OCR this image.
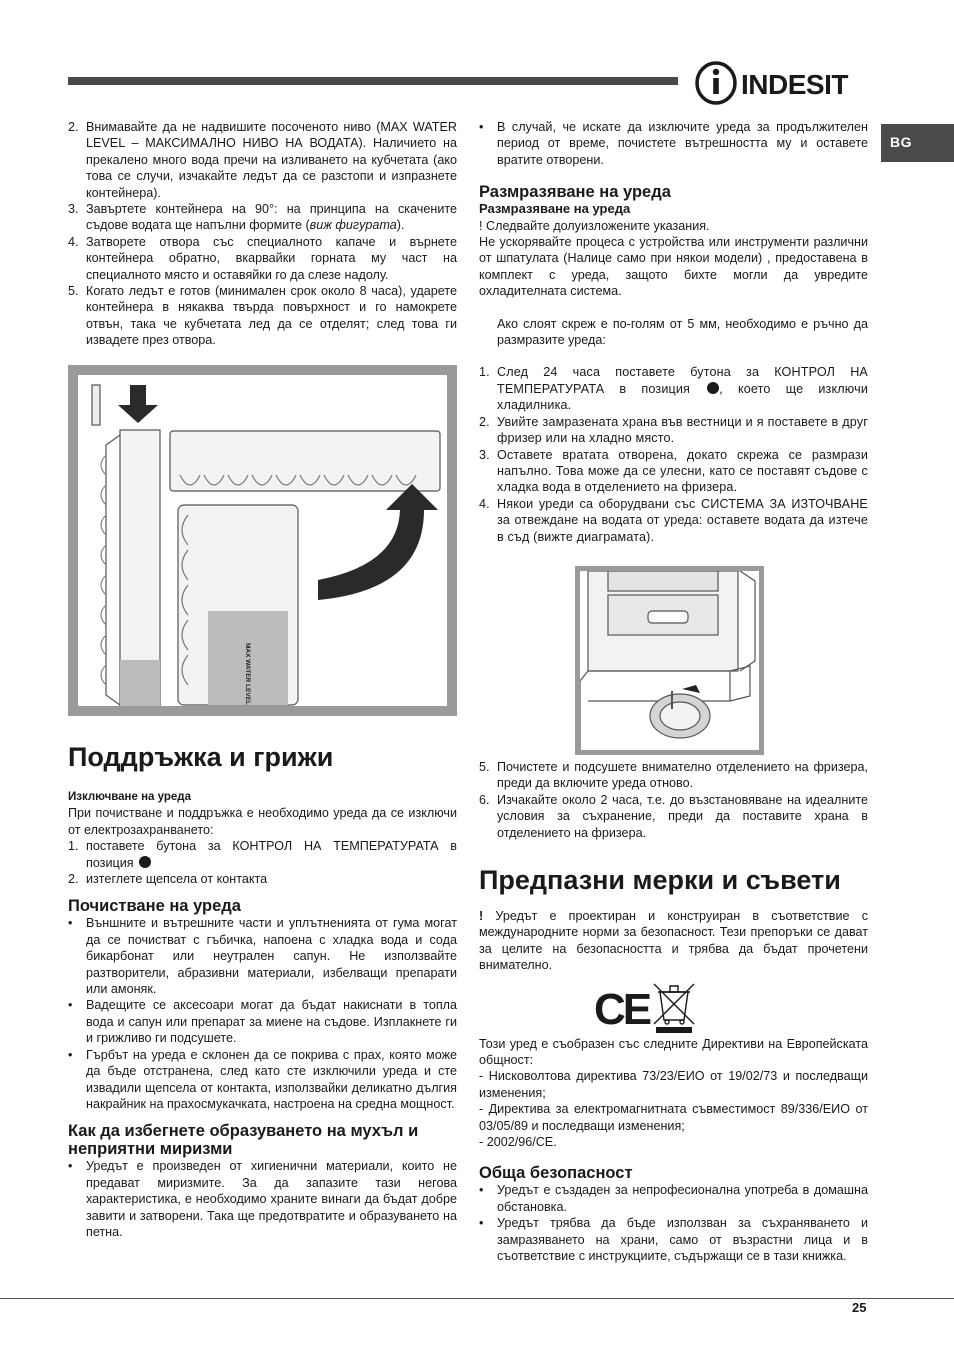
INDESIT
BG
2. Внимавайте да не надвишите посоченото ниво (MAX WATER LEVEL – МАКСИМАЛНО НИВО НА ВОДАТА). Наличието на прекалено много вода пречи на изливането на кубчетата (ако това се случи, изчакайте ледът да се разстопи и изпразнете контейнера).
3. Завъртете контейнера на 90°: на принципа на скачените съдове водата ще напълни формите (виж фигурата).
4. Затворете отвора със специалното капаче и върнете контейнера обратно, вкарвайки горната му част на специалното място и оставяйки го да слезе надолу.
5. Когато ледът е готов (минимален срок около 8 часа), ударете контейнера в някаква твърда повърхност и го намокрете отвън, така че кубчетата лед да се отделят; след това ги извадете през отвора.
MAX WATER LEVEL
Поддръжка и грижи
Изключване на уреда

При почистване и поддръжка е необходимо уреда да се изключи от електрозахранването:

1. поставете бутона за КОНТРОЛ НА ТЕМПЕРАТУРАТА в позиция
2. изтеглете щепсела от контакта
Почистване на уреда
• Външните и вътрешните части и уплътненията от гума могат да се почистват с гъбичка, напоена с хладка вода и сода бикарбонат или неутрален сапун. Не използвайте разтворители, абразивни материали, избелващи препарати или амоняк.
• Вадещите се аксесоари могат да бъдат накиснати в топла вода и сапун или препарат за миене на съдове. Изплакнете ги и грижливо ги подсушете.
• Гърбът на уреда е склонен да се покрива с прах, която може да бъде отстранена, след като сте изключили уреда и сте извадили щепсела от контакта, използвайки деликатно дългия накрайник на прахосмукачката, настроена на средна мощност.
Как да избегнете образуването на мухъл и неприятни миризми
• Уредът е произведен от хигиенични материали, които не предават миризмите. За да запазите тази негова характеристика, е необходимо храните винаги да бъдат добре завити и затворени. Така ще предотвратите и образуването на петна.
• В случай, че искате да изключите уреда за продължителен период от време, почистете вътрешността му и оставете вратите отворени.
Размразяване на уреда
Размразяване на уреда

! Следвайте долуизложените указания.

Не ускорявайте процеса с устройства или инструменти различни от шпатулата (Налице само при някои модели) , предоставена в комплект с уреда, защото бихте могли да увредите охладителната система.

Ако слоят скреж е по-голям от 5 мм, необходимо е ръчно да размразите уреда:

1. След 24 часа поставете бутона за КОНТРОЛ НА ТЕМПЕРАТУРАТА в позиция , което ще изключи хладилника.
2. Увийте замразената храна във вестници и я поставете в друг фризер или на хладно място.
3. Оставете вратата отворена, докато скрежа се размрази напълно. Това може да се улесни, като се поставят съдове с хладка вода в отделението на фризера.
4. Някои уреди са оборудвани със СИСТЕМА ЗА ИЗТОЧВАНЕ за отвеждане на водата от уреда: оставете водата да изтече в съд (вижте диаграмата).
5. Почистете и подсушете внимателно отделението на фризера, преди да включите уреда отново.
6. Изчакайте около 2 часа, т.е. до възстановяване на идеалните условия за съхранение, преди да поставите храна в отделението на фризера.
Предпазни мерки и съвети

! Уредът е проектиран и конструиран в съответствие с международните норми за безопасност. Тези препоръки се дават за целите на безопасността и трябва да бъдат прочетени внимателно.

CE

Този уред е съобразен със следните Директиви на Европейската общност:

- Нисковолтова директива 73/23/ЕИО от 19/02/73 и последващи изменения;

- Директива за електромагнитната съвместимост 89/336/ЕИО от 03/05/89 и последващи изменения;

- 2002/96/CE.

Обща безопасност
• Уредът е създаден за непрофесионална употреба в домашна обстановка.
• Уредът трябва да бъде използван за съхраняването и замразяването на храни, само от възрастни лица и в съответствие с инструкциите, съдържащи се в тази книжка.
25
